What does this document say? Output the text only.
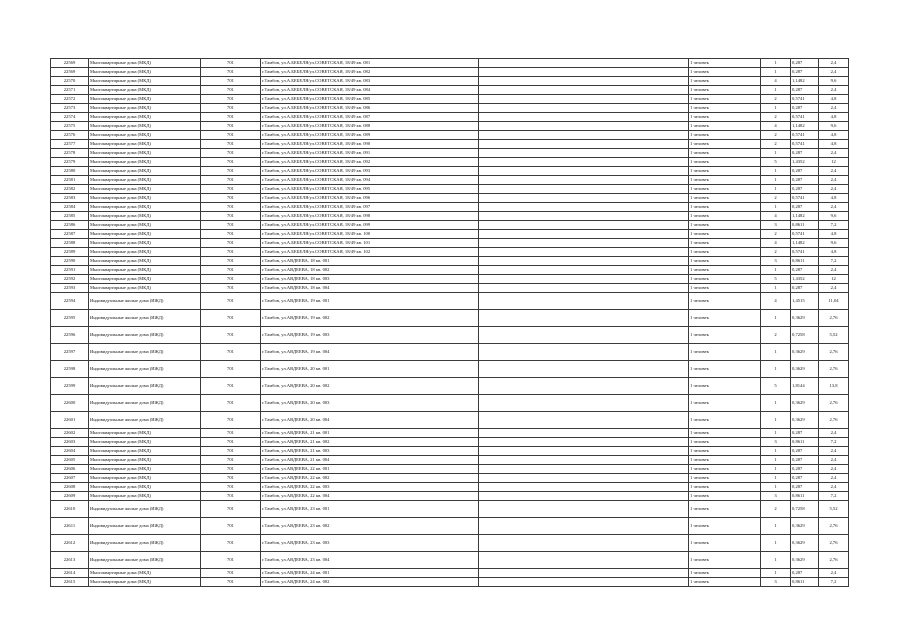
22569	Многоквартирные дома (МКД)	701	г.Тамбов, ул.А.БЕБЕЛЯ/ул.СОВЕТСКАЯ, 18/49 кв. 081		1 человек	1	0,287	2,4
22569	Многоквартирные дома (МКД)	701	г.Тамбов, ул.А.БЕБЕЛЯ/ул.СОВЕТСКАЯ, 18/49 кв. 082		1 человек	1	0,287	2,4
22570	Многоквартирные дома (МКД)	701	г.Тамбов, ул.А.БЕБЕЛЯ/ул.СОВЕТСКАЯ, 18/49 кв. 083		1 человек	4	1,1482	9,6
22571	Многоквартирные дома (МКД)	701	г.Тамбов, ул.А.БЕБЕЛЯ/ул.СОВЕТСКАЯ, 18/49 кв. 084		1 человек	1	0,287	2,4
22572	Многоквартирные дома (МКД)	701	г.Тамбов, ул.А.БЕБЕЛЯ/ул.СОВЕТСКАЯ, 18/49 кв. 085		1 человек	2	0,5741	4,8
22573	Многоквартирные дома (МКД)	701	г.Тамбов, ул.А.БЕБЕЛЯ/ул.СОВЕТСКАЯ, 18/49 кв. 086		1 человек	1	0,287	2,4
22574	Многоквартирные дома (МКД)	701	г.Тамбов, ул.А.БЕБЕЛЯ/ул.СОВЕТСКАЯ, 18/49 кв. 087		1 человек	2	0,5741	4,8
22575	Многоквартирные дома (МКД)	701	г.Тамбов, ул.А.БЕБЕЛЯ/ул.СОВЕТСКАЯ, 18/49 кв. 088		1 человек	4	1,1482	9,6
22576	Многоквартирные дома (МКД)	701	г.Тамбов, ул.А.БЕБЕЛЯ/ул.СОВЕТСКАЯ, 18/49 кв. 089		1 человек	2	0,5741	4,8
22577	Многоквартирные дома (МКД)	701	г.Тамбов, ул.А.БЕБЕЛЯ/ул.СОВЕТСКАЯ, 18/49 кв. 090		1 человек	2	0,5741	4,8
22578	Многоквартирные дома (МКД)	701	г.Тамбов, ул.А.БЕБЕЛЯ/ул.СОВЕТСКАЯ, 18/49 кв. 091		1 человек	1	0,287	2,4
22579	Многоквартирные дома (МКД)	701	г.Тамбов, ул.А.БЕБЕЛЯ/ул.СОВЕТСКАЯ, 18/49 кв. 092		1 человек	5	1,4352	12
22580	Многоквартирные дома (МКД)	701	г.Тамбов, ул.А.БЕБЕЛЯ/ул.СОВЕТСКАЯ, 18/49 кв. 093		1 человек	1	0,287	2,4
22581	Многоквартирные дома (МКД)	701	г.Тамбов, ул.А.БЕБЕЛЯ/ул.СОВЕТСКАЯ, 18/49 кв. 094		1 человек	1	0,287	2,4
22582	Многоквартирные дома (МКД)	701	г.Тамбов, ул.А.БЕБЕЛЯ/ул.СОВЕТСКАЯ, 18/49 кв. 095		1 человек	1	0,287	2,4
22583	Многоквартирные дома (МКД)	701	г.Тамбов, ул.А.БЕБЕЛЯ/ул.СОВЕТСКАЯ, 18/49 кв. 096		1 человек	2	0,5741	4,8
22584	Многоквартирные дома (МКД)	701	г.Тамбов, ул.А.БЕБЕЛЯ/ул.СОВЕТСКАЯ, 18/49 кв. 097		1 человек	1	0,287	2,4
22585	Многоквартирные дома (МКД)	701	г.Тамбов, ул.А.БЕБЕЛЯ/ул.СОВЕТСКАЯ, 18/49 кв. 098		1 человек	4	1,1482	9,6
22586	Многоквартирные дома (МКД)	701	г.Тамбов, ул.А.БЕБЕЛЯ/ул.СОВЕТСКАЯ, 18/49 кв. 099		1 человек	3	0,8611	7,2
22587	Многоквартирные дома (МКД)	701	г.Тамбов, ул.А.БЕБЕЛЯ/ул.СОВЕТСКАЯ, 18/49 кв. 100		1 человек	2	0,5741	4,8
22588	Многоквартирные дома (МКД)	701	г.Тамбов, ул.А.БЕБЕЛЯ/ул.СОВЕТСКАЯ, 18/49 кв. 101		1 человек	4	1,1482	9,6
22589	Многоквартирные дома (МКД)	701	г.Тамбов, ул.А.БЕБЕЛЯ/ул.СОВЕТСКАЯ, 18/49 кв. 102		1 человек	2	0,5741	4,8
22590	Многоквартирные дома (МКД)	701	г.Тамбов, ул.АВДЕЕВА, 18 кв. 001		1 человек	3	0,8611	7,2
22591	Многоквартирные дома (МКД)	701	г.Тамбов, ул.АВДЕЕВА, 18 кв. 002		1 человек	1	0,287	2,4
22592	Многоквартирные дома (МКД)	701	г.Тамбов, ул.АВДЕЕВА, 18 кв. 003		1 человек	5	1,4352	12
22593	Многоквартирные дома (МКД)	701	г.Тамбов, ул.АВДЕЕВА, 18 кв. 004		1 человек	1	0,287	2,4
22594	Индивидуальные жилые дома (ИЖД)	701	г.Тамбов, ул.АВДЕЕВА, 19 кв. 001		1 человек	4	1,4515	11,04
22595	Индивидуальные жилые дома (ИЖД)	701	г.Тамбов, ул.АВДЕЕВА, 19 кв. 002		1 человек	1	0,3629	2,76
22596	Индивидуальные жилые дома (ИЖД)	701	г.Тамбов, ул.АВДЕЕВА, 19 кв. 003		1 человек	2	0,7258	5,52
22597	Индивидуальные жилые дома (ИЖД)	701	г.Тамбов, ул.АВДЕЕВА, 19 кв. 004		1 человек	1	0,3629	2,76
22598	Индивидуальные жилые дома (ИЖД)	701	г.Тамбов, ул.АВДЕЕВА, 20 кв. 001		1 человек	1	0,3629	2,76
22599	Индивидуальные жилые дома (ИЖД)	701	г.Тамбов, ул.АВДЕЕВА, 20 кв. 002		1 человек	5	1,8144	13,8
22600	Индивидуальные жилые дома (ИЖД)	701	г.Тамбов, ул.АВДЕЕВА, 20 кв. 003		1 человек	1	0,3629	2,76
22601	Индивидуальные жилые дома (ИЖД)	701	г.Тамбов, ул.АВДЕЕВА, 20 кв. 004		1 человек	1	0,3629	2,76
22602	Многоквартирные дома (МКД)	701	г.Тамбов, ул.АВДЕЕВА, 21 кв. 001		1 человек	1	0,287	2,4
22603	Многоквартирные дома (МКД)	701	г.Тамбов, ул.АВДЕЕВА, 21 кв. 002		1 человек	3	0,8611	7,2
22604	Многоквартирные дома (МКД)	701	г.Тамбов, ул.АВДЕЕВА, 21 кв. 003		1 человек	1	0,287	2,4
22605	Многоквартирные дома (МКД)	701	г.Тамбов, ул.АВДЕЕВА, 21 кв. 004		1 человек	1	0,287	2,4
22606	Многоквартирные дома (МКД)	701	г.Тамбов, ул.АВДЕЕВА, 22 кв. 001		1 человек	1	0,287	2,4
22607	Многоквартирные дома (МКД)	701	г.Тамбов, ул.АВДЕЕВА, 22 кв. 002		1 человек	1	0,287	2,4
22608	Многоквартирные дома (МКД)	701	г.Тамбов, ул.АВДЕЕВА, 22 кв. 003		1 человек	1	0,287	2,4
22609	Многоквартирные дома (МКД)	701	г.Тамбов, ул.АВДЕЕВА, 22 кв. 004		1 человек	3	0,8611	7,2
22610	Индивидуальные жилые дома (ИЖД)	701	г.Тамбов, ул.АВДЕЕВА, 23 кв. 001		1 человек	2	0,7258	5,52
22611	Индивидуальные жилые дома (ИЖД)	701	г.Тамбов, ул.АВДЕЕВА, 23 кв. 002		1 человек	1	0,3629	2,76
22612	Индивидуальные жилые дома (ИЖД)	701	г.Тамбов, ул.АВДЕЕВА, 23 кв. 003		1 человек	1	0,3629	2,76
22613	Индивидуальные жилые дома (ИЖД)	701	г.Тамбов, ул.АВДЕЕВА, 23 кв. 004		1 человек	1	0,3629	2,76
22614	Многоквартирные дома (МКД)	701	г.Тамбов, ул.АВДЕЕВА, 24 кв. 001		1 человек	1	0,287	2,4
22615	Многоквартирные дома (МКД)	701	г.Тамбов, ул.АВДЕЕВА, 24 кв. 002		1 человек	3	0,8611	7,2
